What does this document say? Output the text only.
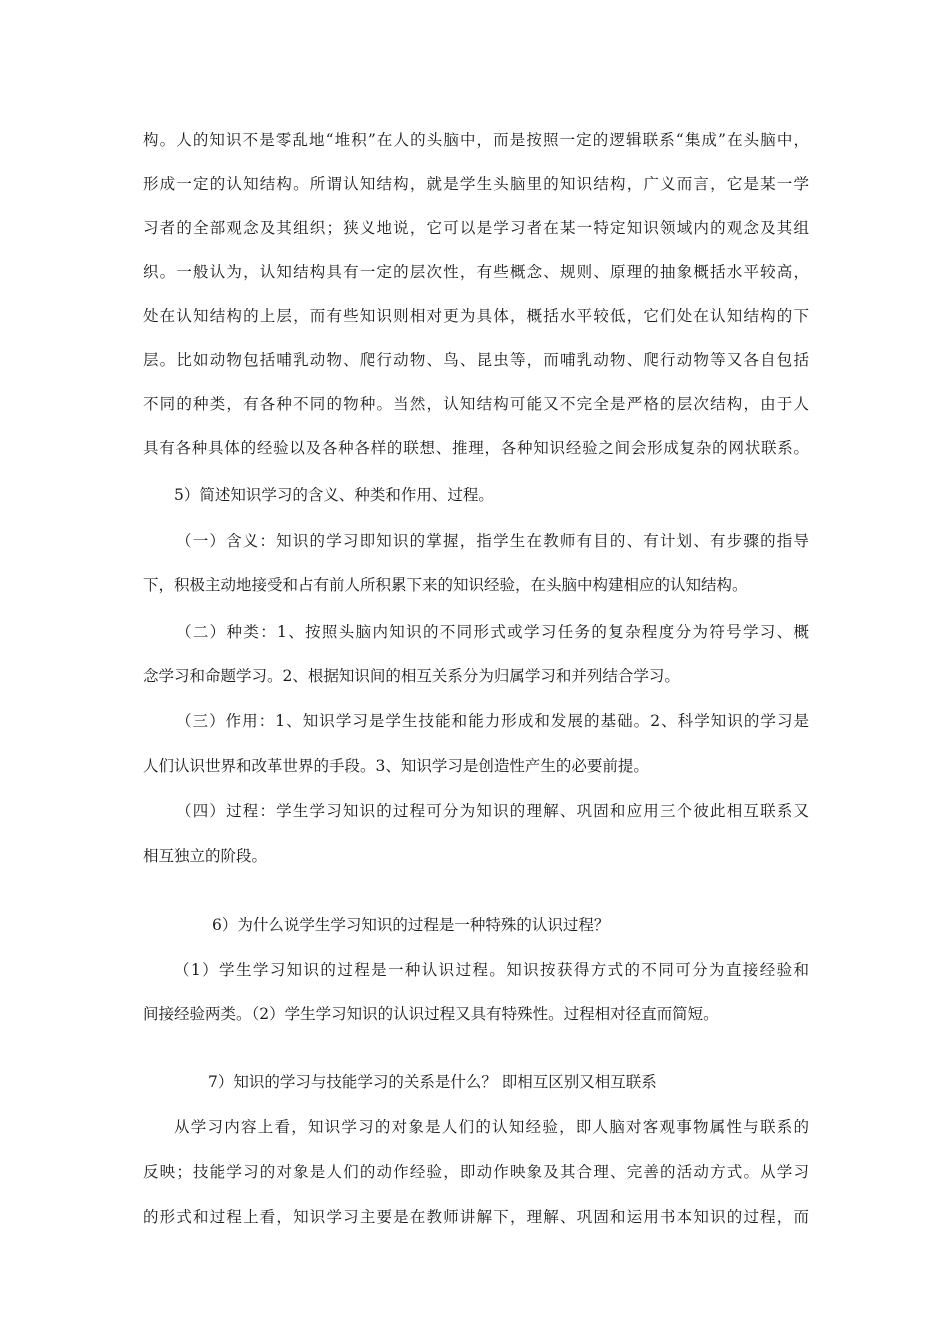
构。人的知识不是零乱地“堆积”在人的头脑中，而是按照一定的逻辑联系“集成”在头脑中，
形成一定的认知结构。所谓认知结构，就是学生头脑里的知识结构，广义而言，它是某一学
习者的全部观念及其组织；狭义地说，它可以是学习者在某一特定知识领域内的观念及其组
织。一般认为，认知结构具有一定的层次性，有些概念、规则、原理的抽象概括水平较高，
处在认知结构的上层，而有些知识则相对更为具体，概括水平较低，它们处在认知结构的下
层。比如动物包括哺乳动物、爬行动物、鸟、昆虫等，而哺乳动物、爬行动物等又各自包括
不同的种类，有各种不同的物种。当然，认知结构可能又不完全是严格的层次结构，由于人
具有各种具体的经验以及各种各样的联想、推理，各种知识经验之间会形成复杂的网状联系。
5）简述知识学习的含义、种类和作用、过程。
（一）含义：知识的学习即知识的掌握，指学生在教师有目的、有计划、有步骤的指导
下，积极主动地接受和占有前人所积累下来的知识经验，在头脑中构建相应的认知结构。
（二）种类：1、按照头脑内知识的不同形式或学习任务的复杂程度分为符号学习、概
念学习和命题学习。2、根据知识间的相互关系分为归属学习和并列结合学习。
（三）作用：1、知识学习是学生技能和能力形成和发展的基础。2、科学知识的学习是
人们认识世界和改革世界的手段。3、知识学习是创造性产生的必要前提。
（四）过程：学生学习知识的过程可分为知识的理解、巩固和应用三个彼此相互联系又
相互独立的阶段。
6）为什么说学生学习知识的过程是一种特殊的认识过程？
（1）学生学习知识的过程是一种认识过程。知识按获得方式的不同可分为直接经验和
间接经验两类。（2）学生学习知识的认识过程又具有特殊性。过程相对径直而简短。
7）知识的学习与技能学习的关系是什么？ 即相互区别又相互联系
从学习内容上看，知识学习的对象是人们的认知经验，即人脑对客观事物属性与联系的
反映；技能学习的对象是人们的动作经验，即动作映象及其合理、完善的活动方式。从学习
的形式和过程上看，知识学习主要是在教师讲解下，理解、巩固和运用书本知识的过程，而
